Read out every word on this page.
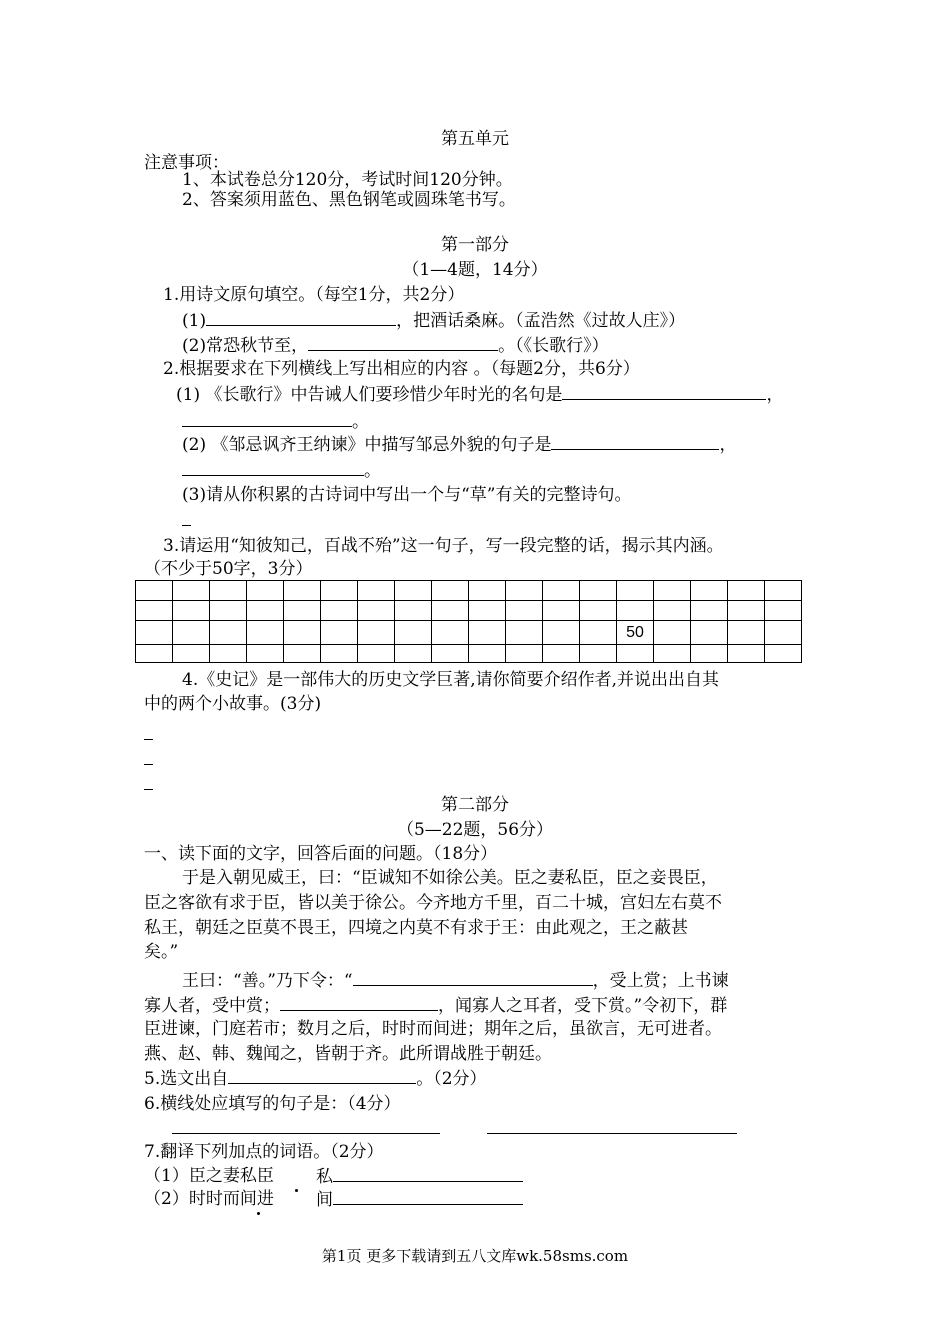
第五单元
注意事项：
1、本试卷总分120分，考试时间120分钟。
2、答案须用蓝色、黑色钢笔或圆珠笔书写。
第一部分
（1—4题，14分）
1.用诗文原句填空。（每空1分，共2分）
(1)	，把酒话桑麻。（孟浩然《过故人庄》）
(2)常恐秋节至，	。（《长歌行》）
2.根据要求在下列横线上写出相应的内容 。（每题2分，共6分）
(1) 《长歌行》中告诫人们要珍惜少年时光的名句是	，
。
(2) 《邹忌讽齐王纳谏》中描写邹忌外貌的句子是	，
。
(3)请从你积累的古诗词中写出一个与“草”有关的完整诗句。
3.请运用“知彼知己，百战不殆”这一句子，写一段完整的话，揭示其内涵。
（不少于50字，3分）

													50				

4.《史记》是一部伟大的历史文学巨著,请你简要介绍作者,并说出出自其
中的两个小故事。(3分)
第二部分
（5—22题，56分）
一、读下面的文字，回答后面的问题。（18分）
于是入朝见威王，曰：“臣诚知不如徐公美。臣之妻私臣，臣之妾畏臣，
臣之客欲有求于臣，皆以美于徐公。今齐地方千里，百二十城，宫妇左右莫不
私王，朝廷之臣莫不畏王，四境之内莫不有求于王：由此观之，王之蔽甚
矣。”
王曰：“善。”乃下令：“	，受上赏；上书谏
寡人者，受中赏；	，闻寡人之耳者，受下赏。”令初下，群
臣进谏，门庭若市；数月之后，时时而间进；期年之后，虽欲言，无可进者。
燕、赵、韩、魏闻之，皆朝于齐。此所谓战胜于朝廷。
5.选文出自	。（2分）
6.横线处应填写的句子是：（4分）
7.翻译下列加点的词语。（2分）
（1）臣之妻私臣 私
（2）时时而间进 间
第1页 更多下载请到五八文库wk.58sms.com
